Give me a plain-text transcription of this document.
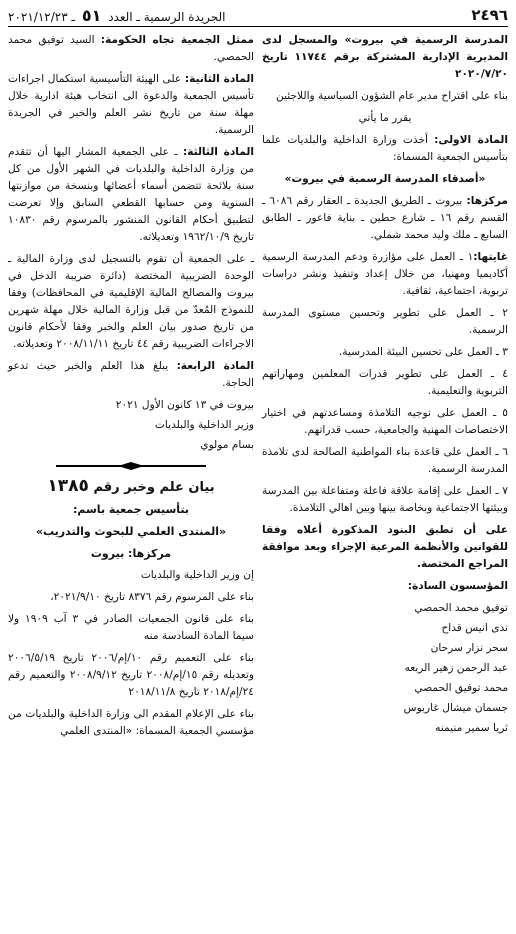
٢٤٩٦
الجريدة الرسمية ـ العدد ٥١ ـ ٢٠٢١/١٢/٢٣

المدرسة الرسمية في بيروت» والمسجل لدى المديرية الإدارية المشتركة برقم ١١٧٤٤ تاريخ ٢٠٢٠/٧/٢٠

بناء على اقتراح مدير عام الشؤون السياسية واللاجئين

يقرر ما يأتي

المادة الاولى: أخذت وزارة الداخلية والبلديات علما بتأسيس الجمعية المسماة:

«أصدقاء المدرسة الرسمية في بيروت»

مركزها: بيروت ـ الطريق الجديدة ـ العقار رقم ٦٠٨٦ ـ القسم رقم ١٦ ـ شارع حطين ـ بناية فاعور ـ الطابق السابع ـ ملك وليد محمد شملي.

غايتها:١ ـ العمل على مؤازرة ودعم المدرسة الرسمية أكاديميا ومهنيا، من خلال إعداد وتنفيذ ونشر دراسات تربوية، اجتماعية، ثقافية.

٢ ـ العمل على تطوير وتحسين مستوى المدرسة الرسمية.

٣ ـ العمل على تحسين البيئة المدرسية.

٤ ـ العمل على تطوير قدرات المعلمين ومهاراتهم التربوية والتعليمية.

٥ ـ العمل على توجيه التلامذة ومساعدتهم في اختيار الاختصاصات المهنية والجامعية، حسب قدراتهم.

٦ ـ العمل على قاعدة بناء المواطنية الصالحة لدى تلامذة المدرسة الرسمية.

٧ ـ العمل على إقامة علاقة فاعلة ومتفاعلة بين المدرسة وبيئتها الاجتماعية وبخاصة بينها وبين اهالي التلامذة.

على أن تطبق البنود المذكورة أعلاه وفقا للقوانين والأنظمة المرعية الإجراء وبعد موافقة المراجع المختصة.

المؤسسون السادة:

توفيق محمد الحمصي

ندى انيس قداح

سحر نزار سرحان

عبد الرحمن زهير الربعه

محمد توفيق الحمصي

جسمان ميشال غاريوس

ثريا سمير منيمنه

ممثل الجمعية تجاه الحكومة: السيد توفيق محمد الحمصي.

المادة الثانية: على الهيئة التأسيسية استكمال اجراءات تأسيس الجمعية والدعوة الى انتخاب هيئة ادارية خلال مهلة سنة من تاريخ نشر العلم والخبر في الجريدة الرسمية.

المادة الثالثة: ـ على الجمعية المشار اليها أن تتقدم من وزارة الداخلية والبلديات في الشهر الأول من كل سنة بلائحة تتضمن أسماء أعضائها وبنسخة من موازنتها السنوية ومن حسابها القطعي السابق وإلا تعرضت لتطبيق أحكام القانون المنشور بالمرسوم رقم ١٠٨٣٠ تاريخ ١٩٦٢/١٠/٩ وتعديلاته.

ـ على الجمعية أن تقوم بالتسجيل لدى وزارة المالية ـ الوحدة الضريبية المختصة (دائرة ضريبة الدخل في بيروت والمصالح المالية الإقليمية في المحافظات) وفقا للنموذج المُعدّ من قبل وزارة المالية خلال مهلة شهرين من تاريخ صدور بيان العلم والخبر وفقا لأحكام قانون الاجراءات الضريبية رقم ٤٤ تاريخ ٢٠٠٨/١١/١١ وتعديلاته.

المادة الرابعة: يبلغ هذا العلم والخبر حيث تدعو الحاجة.

بيروت في ١٣ كانون الأول ٢٠٢١

وزير الداخلية والبلديات

بسام مولوي

بيان علم وخبر رقم ١٣٨٥

بتأسيس جمعية باسم:

«المنتدى العلمي للبحوث والتدريب»

مركزها: بيروت

إن وزير الداخلية والبلديات

بناء على المرسوم رقم ٨٣٧٦ تاريخ ٢٠٢١/٩/١٠،

بناء على قانون الجمعيات الصادر في ٣ آب ١٩٠٩ ولا سيما المادة السادسة منه

بناء على التعميم رقم ١٠/إم/٢٠٠٦ تاريخ ٢٠٠٦/٥/١٩ وتعديله رقم ١٥/إم/٢٠٠٨ تاريخ ٢٠٠٨/٩/١٢ والتعميم رقم ٢٤/إم/٢٠١٨ تاريخ ٢٠١٨/١١/٨

بناء على الإعلام المقدم الى وزارة الداخلية والبلديات من مؤسسي الجمعية المسماة: «المنتدى العلمي
